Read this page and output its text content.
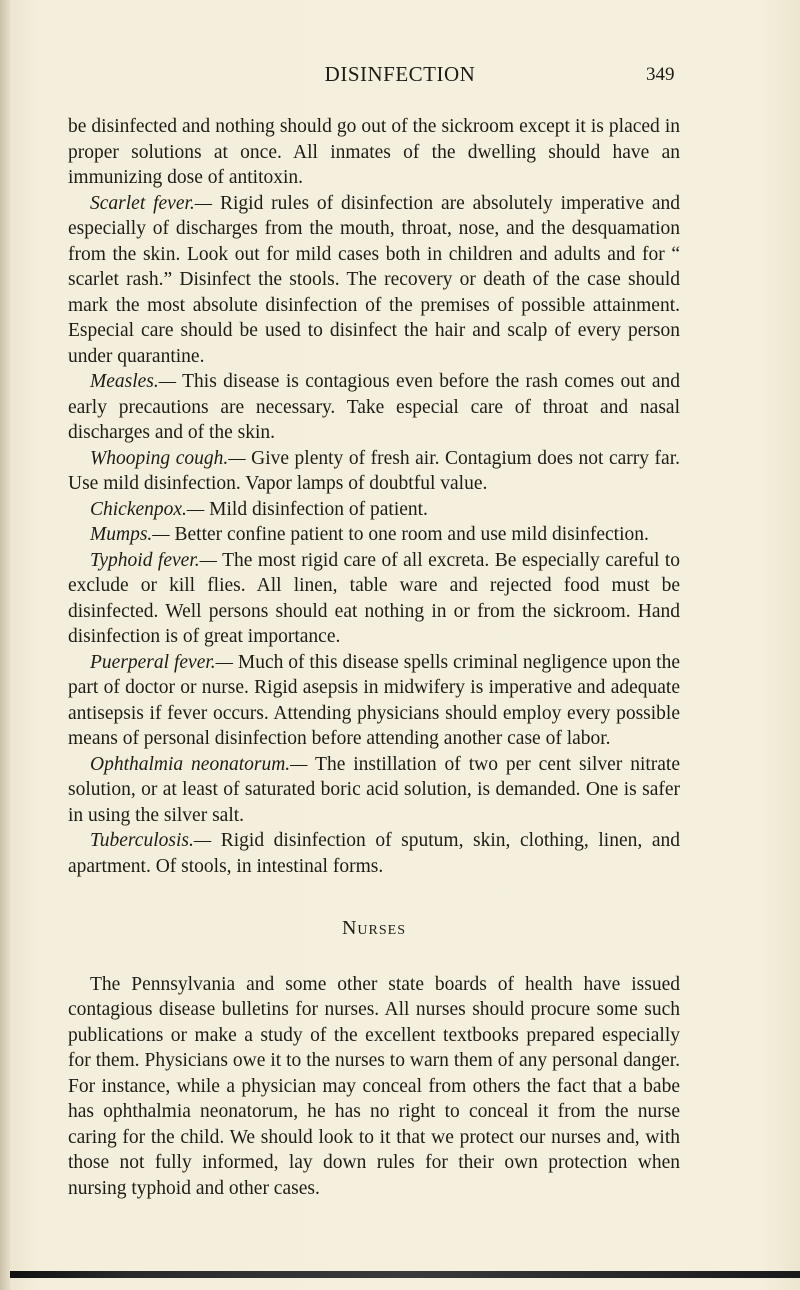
DISINFECTION	349

be disinfected and nothing should go out of the sickroom except it is placed in proper solutions at once. All inmates of the dwelling should have an immunizing dose of antitoxin.

Scarlet fever.— Rigid rules of disinfection are absolutely imperative and especially of discharges from the mouth, throat, nose, and the desquamation from the skin. Look out for mild cases both in children and adults and for “ scarlet rash.” Disinfect the stools. The recovery or death of the case should mark the most absolute disinfection of the premises of possible attainment. Especial care should be used to disinfect the hair and scalp of every person under quarantine.

Measles.— This disease is contagious even before the rash comes out and early precautions are necessary. Take especial care of throat and nasal discharges and of the skin.

Whooping cough.— Give plenty of fresh air. Contagium does not carry far. Use mild disinfection. Vapor lamps of doubtful value.

Chickenpox.— Mild disinfection of patient.

Mumps.— Better confine patient to one room and use mild disinfection.

Typhoid fever.— The most rigid care of all excreta. Be especially careful to exclude or kill flies. All linen, table ware and rejected food must be disinfected. Well persons should eat nothing in or from the sickroom. Hand disinfection is of great importance.

Puerperal fever.— Much of this disease spells criminal negligence upon the part of doctor or nurse. Rigid asepsis in midwifery is imperative and adequate antisepsis if fever occurs. Attending physicians should employ every possible means of personal disinfection before attending another case of labor.

Ophthalmia neonatorum.— The instillation of two per cent silver nitrate solution, or at least of saturated boric acid solution, is demanded. One is safer in using the silver salt.

Tuberculosis.— Rigid disinfection of sputum, skin, clothing, linen, and apartment. Of stools, in intestinal forms.

Nurses

The Pennsylvania and some other state boards of health have issued contagious disease bulletins for nurses. All nurses should procure some such publications or make a study of the excellent textbooks prepared especially for them. Physicians owe it to the nurses to warn them of any personal danger. For instance, while a physician may conceal from others the fact that a babe has ophthalmia neonatorum, he has no right to conceal it from the nurse caring for the child. We should look to it that we protect our nurses and, with those not fully informed, lay down rules for their own protection when nursing typhoid and other cases.
